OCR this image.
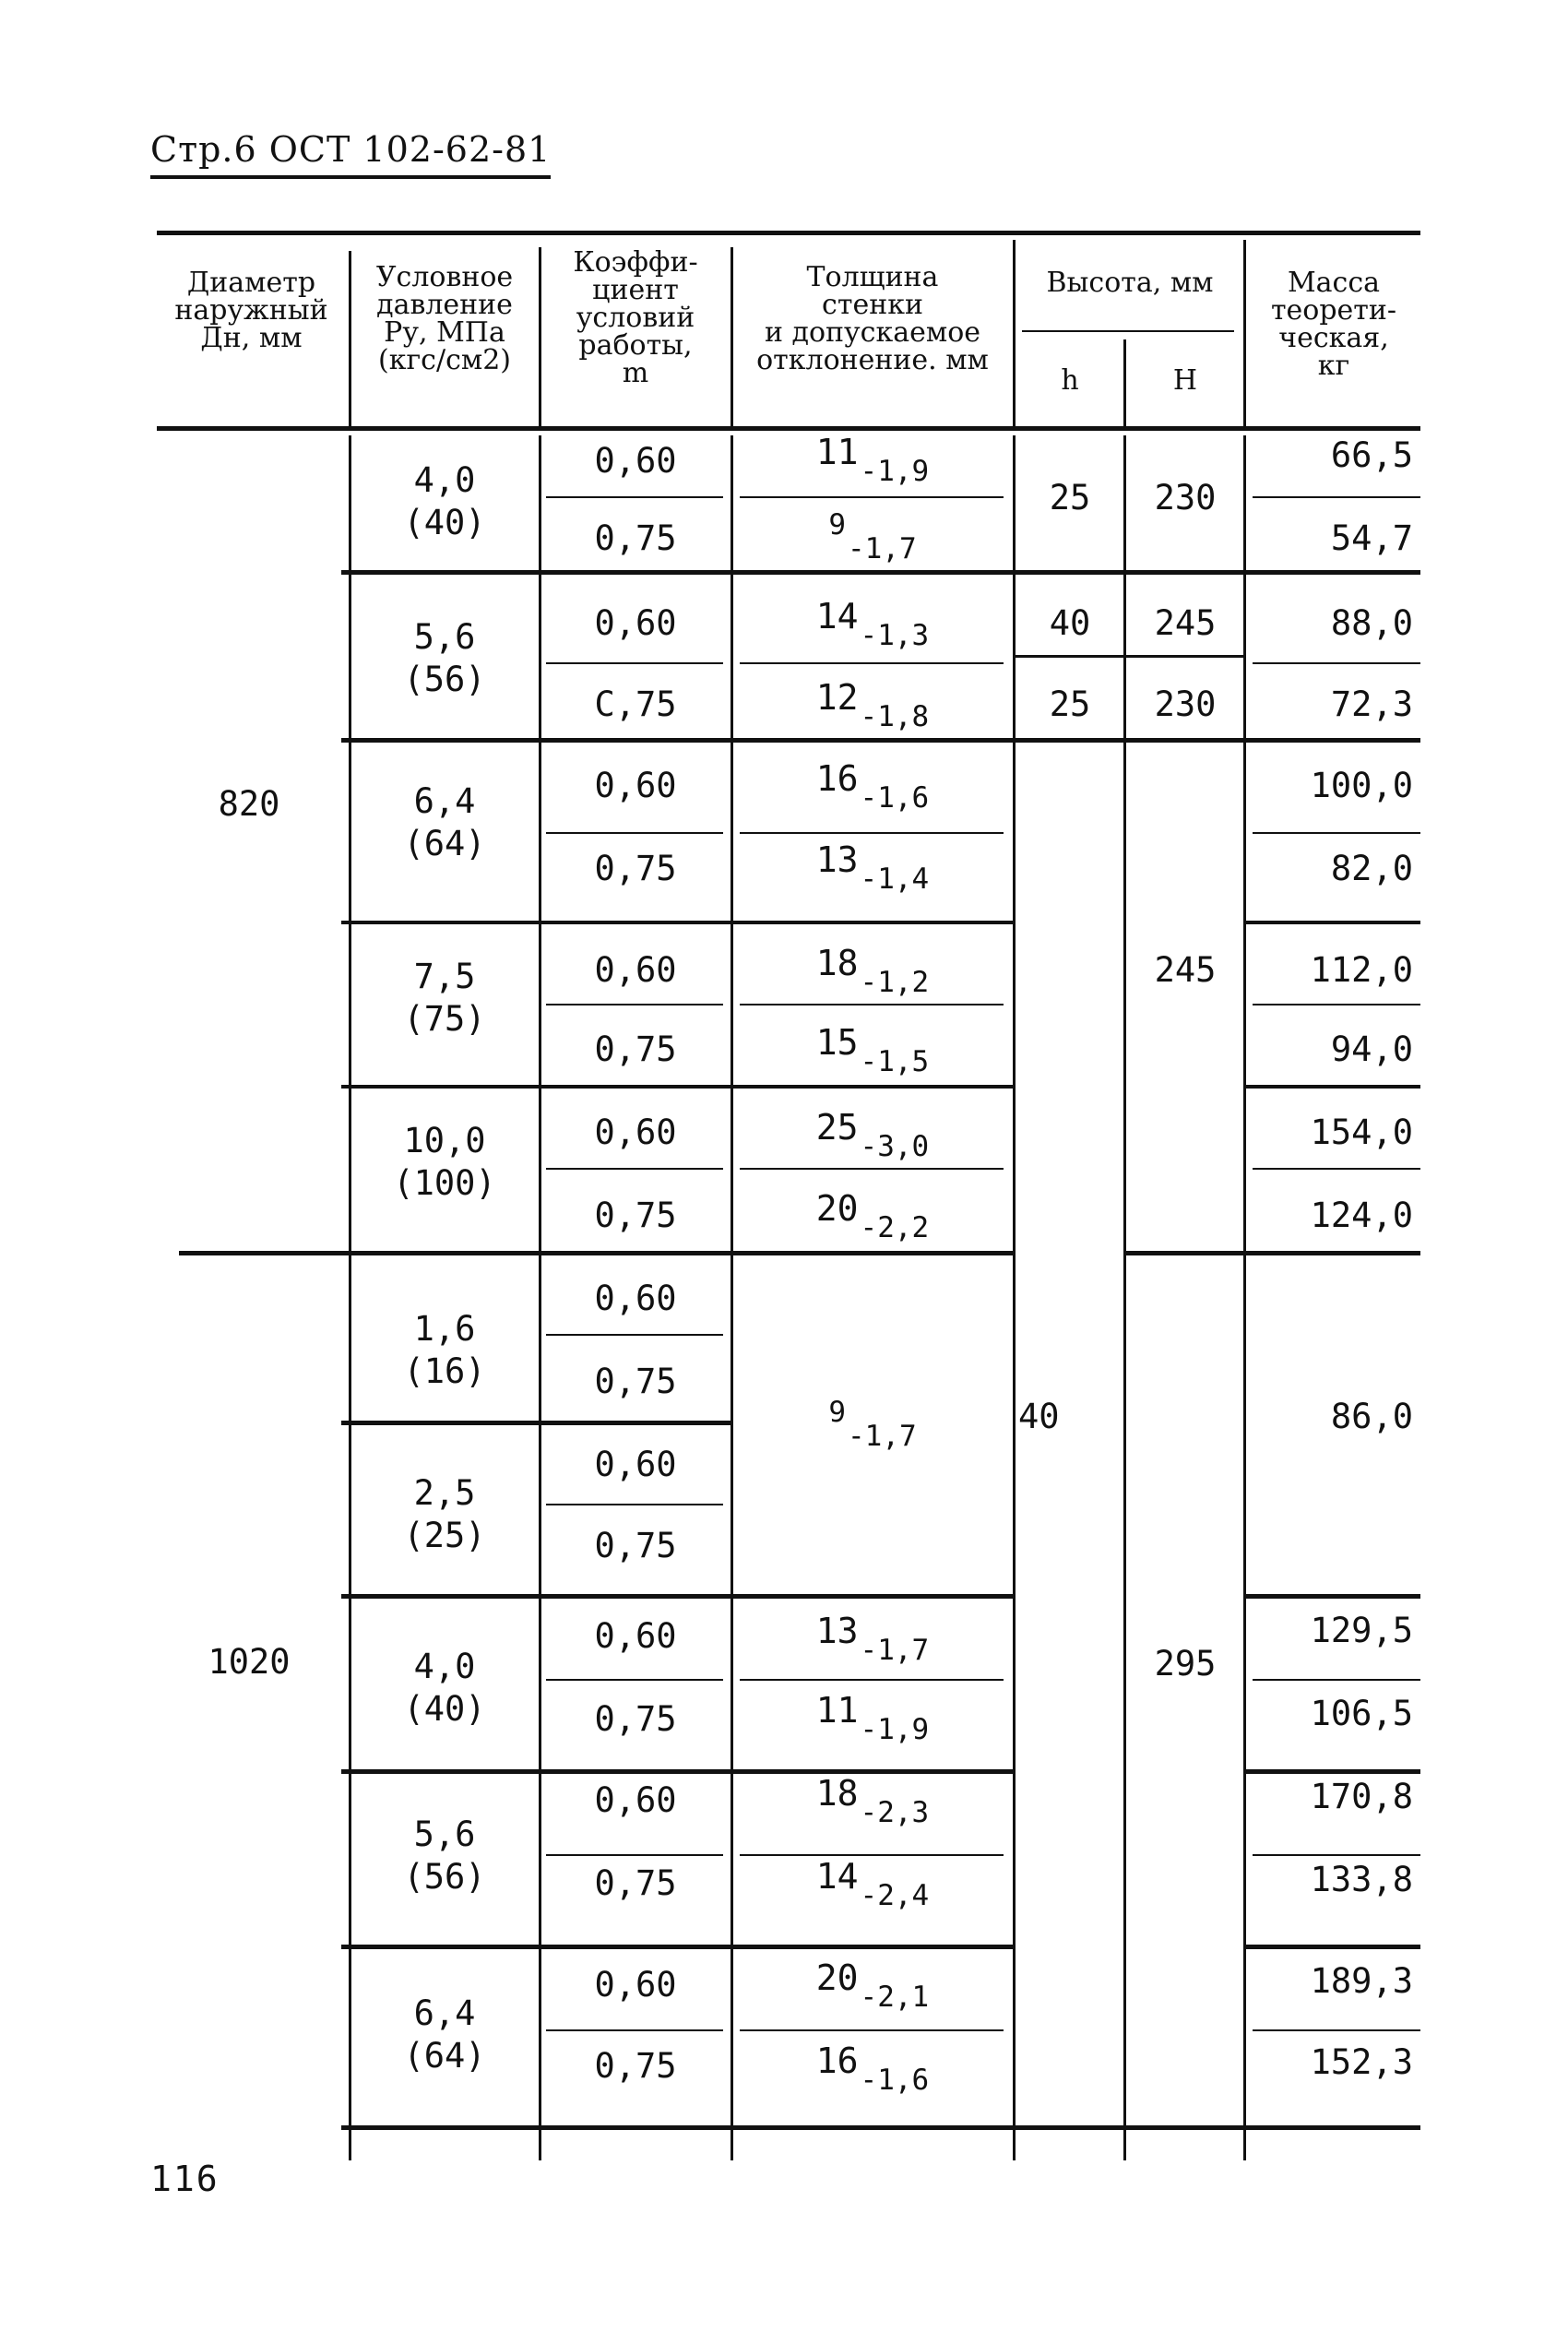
Стр.6 ОСТ 102-62-81
Диаметр
наружный
Дн, мм
Условное
давление
Ру, МПа
(кгс/см2)
Коэффи-
циент
условий
работы,
m
Толщина
стенки
и допускаемое
отклонение. мм
Высота, мм
h	H
Масса
теорети-
ческая,
кг
820
1020
4,0
(40)
5,6
(56)
6,4
(64)
7,5
(75)
10,0
(100)
1,6
(16)
2,5
(25)
4,0
(40)
5,6
(56)
6,4
(64)
0,60
0,75
0,60
С,75
0,60
0,75
0,60
0,75
0,60
0,75
0,60
0,75
0,60
0,75
0,60
0,75
0,60
0,75
0,60
0,75
11-1,9
9-1,7
14-1,3
12-1,8
16-1,6
13-1,4
18-1,2
15-1,5
25-3,0
20-2,2
9-1,7
13-1,7
11-1,9
18-2,3
14-2,4
20-2,1
16-1,6
25
40
25
40
230
245
230
245
295
66,5
54,7
88,0
72,3
100,0
82,0
112,0
94,0
154,0
124,0
86,0
129,5
106,5
170,8
133,8
189,3
152,3
116
